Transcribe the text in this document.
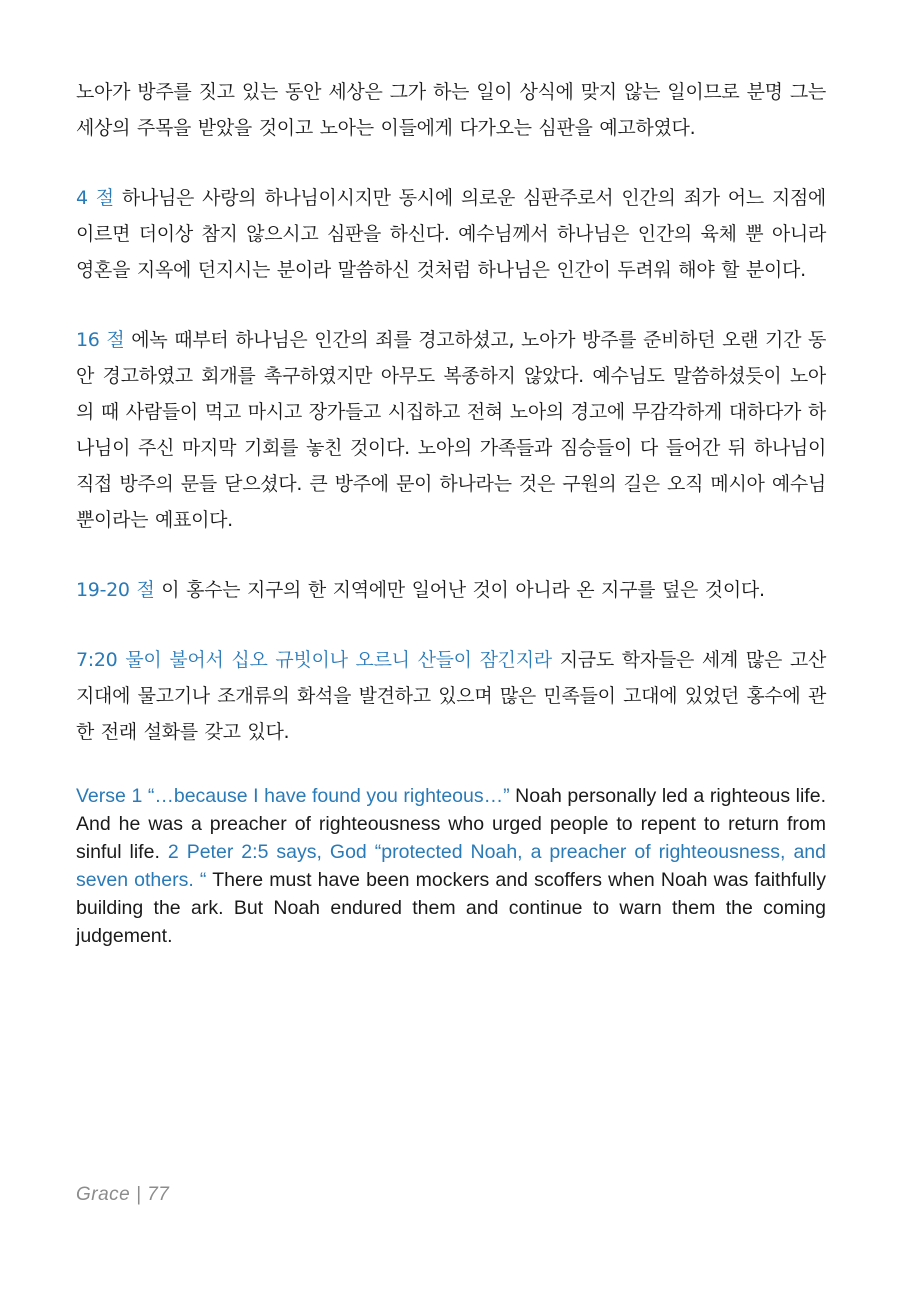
노아가 방주를 짓고 있는 동안 세상은 그가 하는 일이 상식에 맞지 않는 일이므로 분명 그는 세상의 주목을 받았을 것이고 노아는 이들에게 다가오는 심판을 예고하였다.

4 절 하나님은 사랑의 하나님이시지만 동시에 의로운 심판주로서 인간의 죄가 어느 지점에 이르면 더이상 참지 않으시고 심판을 하신다. 예수님께서 하나님은 인간의 육체 뿐 아니라 영혼을 지옥에 던지시는 분이라 말씀하신 것처럼 하나님은 인간이 두려워 해야 할 분이다.

16 절 에녹 때부터 하나님은 인간의 죄를 경고하셨고, 노아가 방주를 준비하던 오랜 기간 동안 경고하였고 회개를 촉구하였지만 아무도 복종하지 않았다. 예수님도 말씀하셨듯이 노아의 때 사람들이 먹고 마시고 장가들고 시집하고 전혀 노아의 경고에 무감각하게 대하다가 하나님이 주신 마지막 기회를 놓친 것이다. 노아의 가족들과 짐승들이 다 들어간 뒤 하나님이 직접 방주의 문들 닫으셨다. 큰 방주에 문이 하나라는 것은 구원의 길은 오직 메시아 예수님 뿐이라는 예표이다.

19-20 절 이 홍수는 지구의 한 지역에만 일어난 것이 아니라 온 지구를 덮은 것이다.

7:20 물이 불어서 십오 규빗이나 오르니 산들이 잠긴지라 지금도 학자들은 세계 많은 고산지대에 물고기나 조개류의 화석을 발견하고 있으며 많은 민족들이 고대에 있었던 홍수에 관한 전래 설화를 갖고 있다.

Verse 1 “…because I have found you righteous…” Noah personally led a righteous life. And he was a preacher of righteousness who urged people to repent to return from sinful life. 2 Peter 2:5 says, God “protected Noah, a preacher of righteousness, and seven others. “ There must have been mockers and scoffers when Noah was faithfully building the ark. But Noah endured them and continue to warn them the coming judgement.

Grace | 77
